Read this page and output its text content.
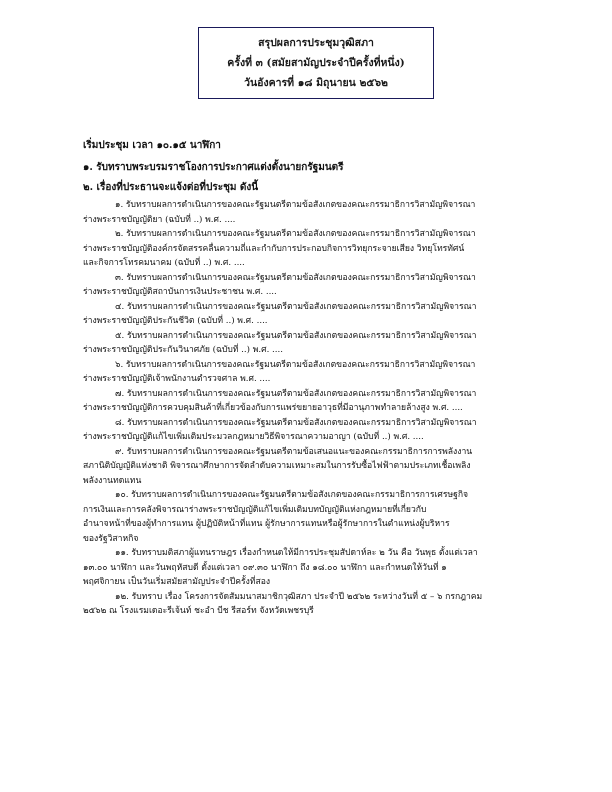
สรุปผลการประชุมวุฒิสภา
ครั้งที่ ๓ (สมัยสามัญประจำปีครั้งที่หนึ่ง)
วันอังคารที่ ๑๘ มิถุนายน ๒๕๖๒

เริ่มประชุม เวลา ๑๐.๑๕ นาฬิกา

๑. รับทราบพระบรมราชโองการประกาศแต่งตั้งนายกรัฐมนตรี

๒. เรื่องที่ประธานจะแจ้งต่อที่ประชุม ดังนี้

๑. รับทราบผลการดำเนินการของคณะรัฐมนตรีตามข้อสังเกตของคณะกรรมาธิการวิสามัญพิจารณา
ร่างพระราชบัญญัติยา (ฉบับที่ ..) พ.ศ. ....

๒. รับทราบผลการดำเนินการของคณะรัฐมนตรีตามข้อสังเกตของคณะกรรมาธิการวิสามัญพิจารณา
ร่างพระราชบัญญัติองค์กรจัดสรรคลื่นความถี่และกำกับการประกอบกิจการวิทยุกระจายเสียง วิทยุโทรทัศน์
และกิจการโทรคมนาคม (ฉบับที่ ..) พ.ศ. ....

๓. รับทราบผลการดำเนินการของคณะรัฐมนตรีตามข้อสังเกตของคณะกรรมาธิการวิสามัญพิจารณา
ร่างพระราชบัญญัติสถาบันการเงินประชาชน พ.ศ. ....

๔. รับทราบผลการดำเนินการของคณะรัฐมนตรีตามข้อสังเกตของคณะกรรมาธิการวิสามัญพิจารณา
ร่างพระราชบัญญัติประกันชีวิต (ฉบับที่ ..) พ.ศ. ....

๕. รับทราบผลการดำเนินการของคณะรัฐมนตรีตามข้อสังเกตของคณะกรรมาธิการวิสามัญพิจารณา
ร่างพระราชบัญญัติประกันวินาศภัย (ฉบับที่ ..) พ.ศ. ....

๖. รับทราบผลการดำเนินการของคณะรัฐมนตรีตามข้อสังเกตของคณะกรรมาธิการวิสามัญพิจารณา
ร่างพระราชบัญญัติเจ้าพนักงานตำรวจศาล พ.ศ. ....

๗. รับทราบผลการดำเนินการของคณะรัฐมนตรีตามข้อสังเกตของคณะกรรมาธิการวิสามัญพิจารณา
ร่างพระราชบัญญัติการควบคุมสินค้าที่เกี่ยวข้องกับการแพร่ขยายอาวุธที่มีอานุภาพทำลายล้างสูง พ.ศ. ....

๘. รับทราบผลการดำเนินการของคณะรัฐมนตรีตามข้อสังเกตของคณะกรรมาธิการวิสามัญพิจารณา
ร่างพระราชบัญญัติแก้ไขเพิ่มเติมประมวลกฎหมายวิธีพิจารณาความอาญา (ฉบับที่ ..) พ.ศ. ....

๙. รับทราบผลการดำเนินการของคณะรัฐมนตรีตามข้อเสนอแนะของคณะกรรมาธิการการพลังงาน
สภานิติบัญญัติแห่งชาติ พิจารณาศึกษาการจัดลำดับความเหมาะสมในการรับซื้อไฟฟ้าตามประเภทเชื้อเพลิง
พลังงานทดแทน

๑๐. รับทราบผลการดำเนินการของคณะรัฐมนตรีตามข้อสังเกตของคณะกรรมาธิการการเศรษฐกิจ
การเงินและการคลังพิจารณาร่างพระราชบัญญัติแก้ไขเพิ่มเติมบทบัญญัติแห่งกฎหมายที่เกี่ยวกับ
อำนาจหน้าที่ของผู้ทำการแทน ผู้ปฏิบัติหน้าที่แทน ผู้รักษาการแทนหรือผู้รักษาการในตำแหน่งผู้บริหาร
ของรัฐวิสาหกิจ

๑๑. รับทราบมติสภาผู้แทนราษฎร เรื่องกำหนดให้มีการประชุมสัปดาห์ละ ๒ วัน คือ วันพุธ ตั้งแต่เวลา
๑๓.๐๐ นาฬิกา และวันพฤหัสบดี ตั้งแต่เวลา ๐๙.๓๐ นาฬิกา ถึง ๑๘.๐๐ นาฬิกา และกำหนดให้วันที่ ๑
พฤศจิกายน เป็นวันเริ่มสมัยสามัญประจำปีครั้งที่สอง

๑๒. รับทราบ เรื่อง โครงการจัดสัมมนาสมาชิกวุฒิสภา ประจำปี ๒๕๖๒ ระหว่างวันที่ ๕ – ๖ กรกฎาคม
๒๕๖๒ ณ โรงแรมเดอะรีเจ้นท์ ชะอำ บีช รีสอร์ท จังหวัดเพชรบุรี
